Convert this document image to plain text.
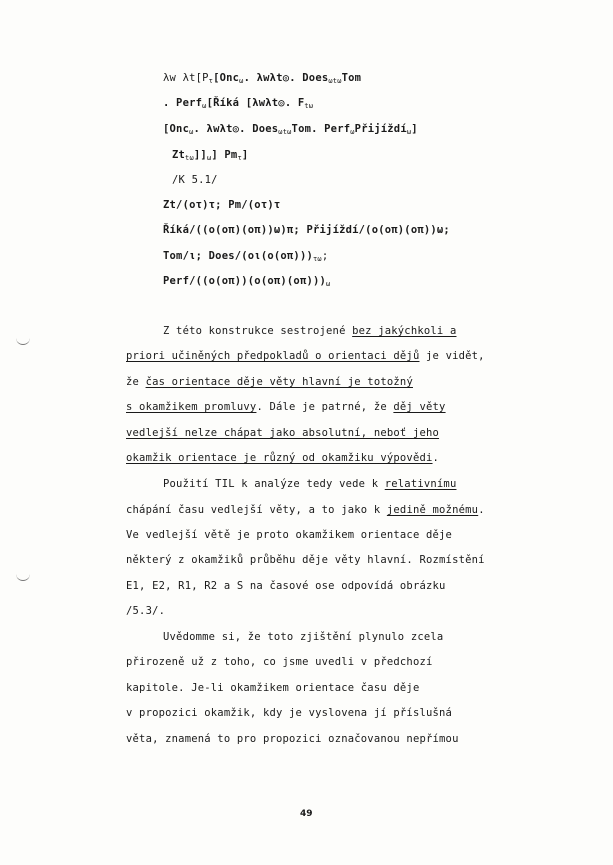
λw $\lambda t[P_\tau[Onc_\omega$. λwλt◎. Does$_{\omega t\omega}$Tom
. Perf$_\omega$[Říká [λwλt◎. $F_{t\omega}$
[Onc$_\omega$. λwλt◎. Does$_{\omega t\omega}$Tom. Perf$_\omega$Přijíždí$_\omega$]
$Zt_{t\omega}]]_\omega$] $Pm_\tau$]
/K 5.1/
Zt/(οτ)τ; Pm/(οτ)τ
Říká/((ο(οπ)(οπ))ω)π; Přijíždí/(ο(οπ)(οπ))ω;
Tom/ι; Does/$(o\iota(o(o\pi)))_{\tau\omega}$;
Perf/$((o(o\pi))(o(o\pi)(o\pi)))_\omega$
Z této konstrukce sestrojené bez jakýchkoli a
priori učiněných předpokladů o orientaci dějů je vidět,
že čas orientace děje věty hlavní je totožný
s okamžikem promluvy. Dále je patrné, že děj věty
vedlejší nelze chápat jako absolutní, neboť jeho
okamžik orientace je různý od okamžiku výpovědi.
Použití TIL k analýze tedy vede k relativnímu
chápání času vedlejší věty, a to jako k jedině možnému.
Ve vedlejší větě je proto okamžikem orientace děje
některý z okamžiků průběhu děje věty hlavní. Rozmístění
E1, E2, R1, R2 a S na časové ose odpovídá obrázku
/5.3/.
Uvědomme si, že toto zjištění plynulo zcela
přirozeně už z toho, co jsme uvedli v předchozí
kapitole. Je-li okamžikem orientace času děje
v propozici okamžik, kdy je vyslovena jí příslušná
věta, znamená to pro propozici označovanou nepřímou
49
